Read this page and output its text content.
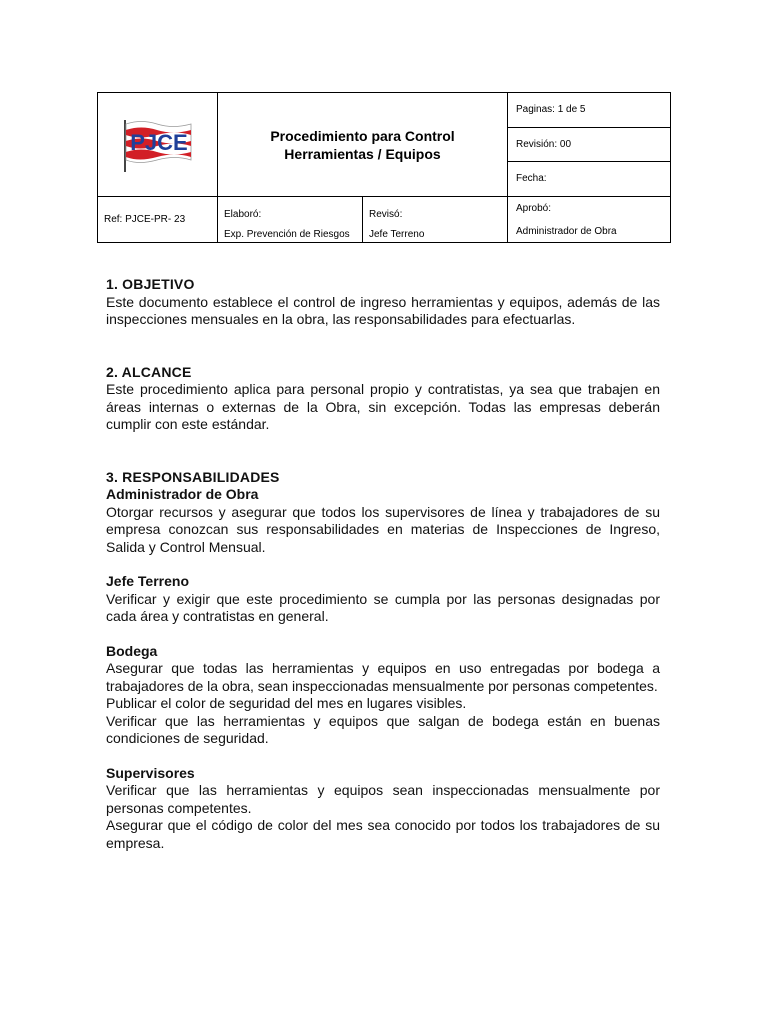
PJCE	Procedimiento para Control
Herramientas / Equipos
Paginas: 1 de 5
Revisión: 00
Fecha:
Ref: PJCE-PR- 23	Elaboró:
Exp. Prevención de Riesgos
Revisó:
Jefe Terreno
Aprobó:
Administrador de Obra

1. OBJETIVO

Este documento establece el control de ingreso herramientas y equipos, además de las inspecciones mensuales en la obra, las responsabilidades para efectuarlas.

2. ALCANCE

Este procedimiento aplica para personal propio y contratistas, ya sea que trabajen en áreas internas o externas de la Obra, sin excepción. Todas las empresas deberán cumplir con este estándar.

3. RESPONSABILIDADES

Administrador de Obra

Otorgar recursos y asegurar que todos los supervisores de línea y trabajadores de su empresa conozcan sus responsabilidades en materias de Inspecciones de Ingreso, Salida y Control Mensual.

Jefe Terreno

Verificar y exigir que este procedimiento se cumpla por las personas designadas por cada área y contratistas en general.

Bodega

Asegurar que todas las herramientas y equipos en uso entregadas por bodega a trabajadores de la obra, sean inspeccionadas mensualmente por personas competentes.

Publicar el color de seguridad del mes en lugares visibles.

Verificar que las herramientas y equipos que salgan de bodega están en buenas condiciones de seguridad.

Supervisores

Verificar que las herramientas y equipos sean inspeccionadas mensualmente por personas competentes.

Asegurar que el código de color del mes sea conocido por todos los trabajadores de su empresa.
